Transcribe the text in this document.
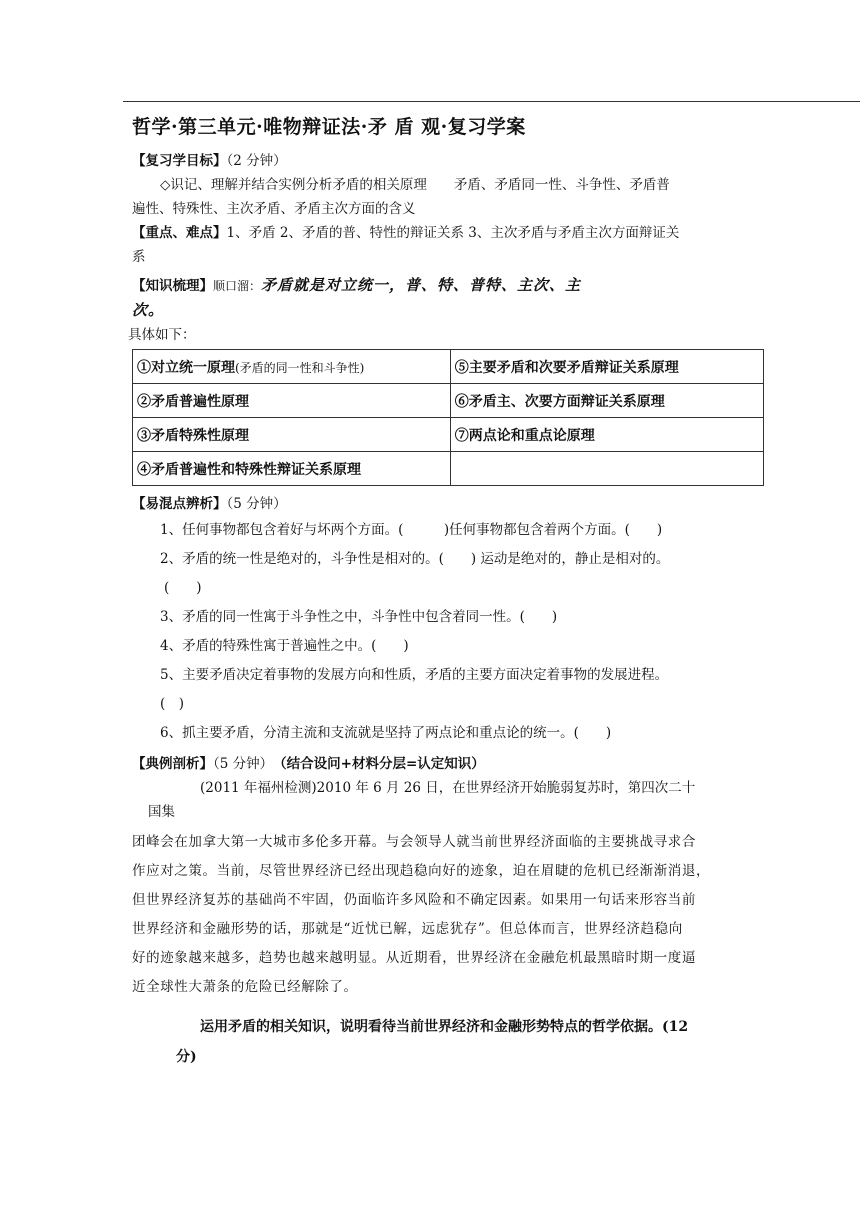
哲学·第三单元·唯物辩证法·矛 盾 观·复习学案

【复习学目标】（2 分钟）

◇识记、理解并结合实例分析矛盾的相关原理　　矛盾、矛盾同一性、斗争性、矛盾普

遍性、特殊性、主次矛盾、矛盾主次方面的含义

【重点、难点】1、矛盾 2、矛盾的普、特性的辩证关系 3、主次矛盾与矛盾主次方面辩证关

系

【知识梳理】顺口溜：矛盾就是对立统一，普、特、普特、主次、主

次。

具体如下：

①对立统一原理(矛盾的同一性和斗争性)	⑤主要矛盾和次要矛盾辩证关系原理
②矛盾普遍性原理	⑥矛盾主、次要方面辩证关系原理
③矛盾特殊性原理	⑦两点论和重点论原理
④矛盾普遍性和特殊性辩证关系原理	

【易混点辨析】（5 分钟）

1、任何事物都包含着好与坏两个方面。(　　　)任何事物都包含着两个方面。(　　)

2、矛盾的统一性是绝对的，斗争性是相对的。(　　) 运动是绝对的，静止是相对的。

(　　)

3、矛盾的同一性寓于斗争性之中，斗争性中包含着同一性。(　　)

4、矛盾的特殊性寓于普遍性之中。(　　)

5、主要矛盾决定着事物的发展方向和性质，矛盾的主要方面决定着事物的发展进程。

(　)

6、抓主要矛盾，分清主流和支流就是坚持了两点论和重点论的统一。(　　)

【典例剖析】（5 分钟）　 （结合设问+材料分层=认定知识）

(2011 年福州检测)2010 年 6 月 26 日，在世界经济开始脆弱复苏时，第四次二十

国集

团峰会在加拿大第一大城市多伦多开幕。与会领导人就当前世界经济面临的主要挑战寻求合

作应对之策。当前，尽管世界经济已经出现趋稳向好的迹象，迫在眉睫的危机已经渐渐消退，

但世界经济复苏的基础尚不牢固，仍面临许多风险和不确定因素。如果用一句话来形容当前

世界经济和金融形势的话，那就是“近忧已解，远虑犹存”。但总体而言，世界经济趋稳向

好的迹象越来越多，趋势也越来越明显。从近期看，世界经济在金融危机最黑暗时期一度逼

近全球性大萧条的危险已经解除了。

运用矛盾的相关知识，说明看待当前世界经济和金融形势特点的哲学依据。(12
分)
